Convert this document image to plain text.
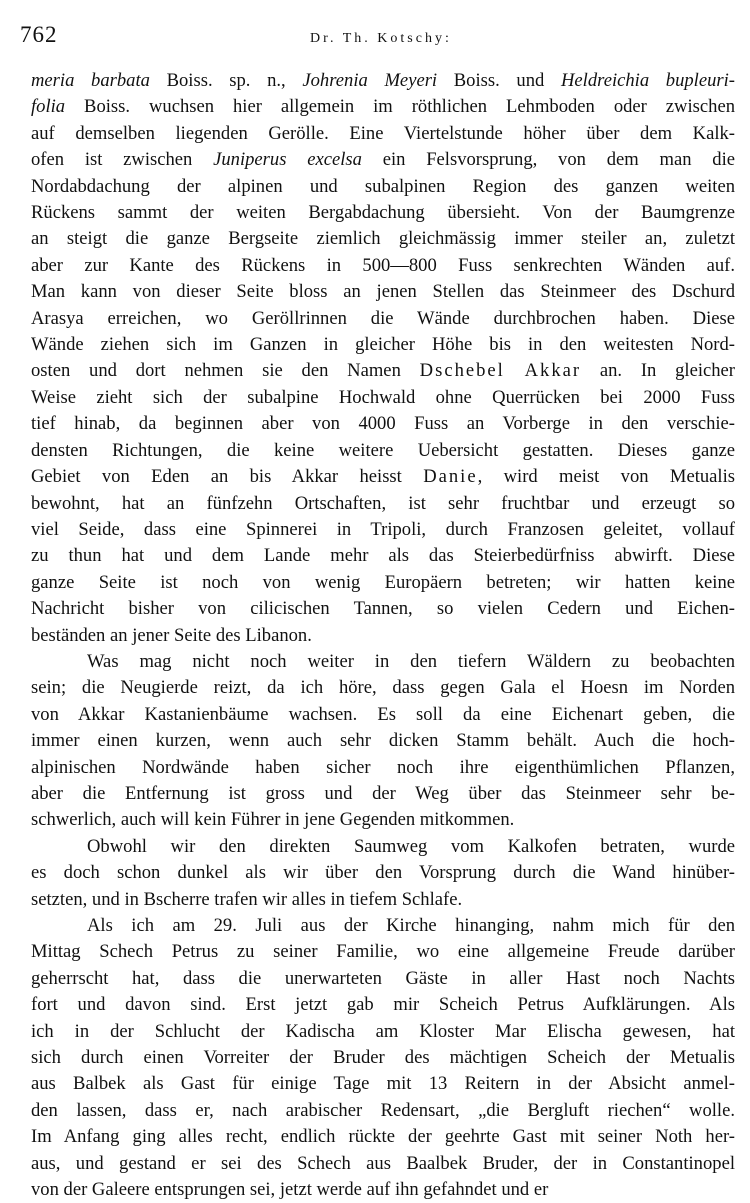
762	Dr. Th. Kotschy:
meria barbata Boiss. sp. n., Johrenia Meyeri Boiss. und Heldreichia bupleuri-
folia Boiss. wuchsen hier allgemein im röthlichen Lehmboden oder zwischen
auf demselben liegenden Gerölle. Eine Viertelstunde höher über dem Kalk-
ofen ist zwischen Juniperus excelsa ein Felsvorsprung, von dem man die
Nordabdachung der alpinen und subalpinen Region des ganzen weiten
Rückens sammt der weiten Bergabdachung übersieht. Von der Baumgrenze
an steigt die ganze Bergseite ziemlich gleichmässig immer steiler an, zuletzt
aber zur Kante des Rückens in 500—800 Fuss senkrechten Wänden auf.
Man kann von dieser Seite bloss an jenen Stellen das Steinmeer des Dschurd
Arasya erreichen, wo Geröllrinnen die Wände durchbrochen haben. Diese
Wände ziehen sich im Ganzen in gleicher Höhe bis in den weitesten Nord-
osten und dort nehmen sie den Namen Dschebel Akkar an. In gleicher
Weise zieht sich der subalpine Hochwald ohne Querrücken bei 2000 Fuss
tief hinab, da beginnen aber von 4000 Fuss an Vorberge in den verschie-
densten Richtungen, die keine weitere Uebersicht gestatten. Dieses ganze
Gebiet von Eden an bis Akkar heisst Danie, wird meist von Metualis
bewohnt, hat an fünfzehn Ortschaften, ist sehr fruchtbar und erzeugt so
viel Seide, dass eine Spinnerei in Tripoli, durch Franzosen geleitet, vollauf
zu thun hat und dem Lande mehr als das Steierbedürfniss abwirft. Diese
ganze Seite ist noch von wenig Europäern betreten; wir hatten keine
Nachricht bisher von cilicischen Tannen, so vielen Cedern und Eichen-
beständen an jener Seite des Libanon.
Was mag nicht noch weiter in den tiefern Wäldern zu beobachten
sein; die Neugierde reizt, da ich höre, dass gegen Gala el Hoesn im Norden
von Akkar Kastanienbäume wachsen. Es soll da eine Eichenart geben, die
immer einen kurzen, wenn auch sehr dicken Stamm behält. Auch die hoch-
alpinischen Nordwände haben sicher noch ihre eigenthümlichen Pflanzen,
aber die Entfernung ist gross und der Weg über das Steinmeer sehr be-
schwerlich, auch will kein Führer in jene Gegenden mitkommen.
Obwohl wir den direkten Saumweg vom Kalkofen betraten, wurde
es doch schon dunkel als wir über den Vorsprung durch die Wand hinüber-
setzten, und in Bscherre trafen wir alles in tiefem Schlafe.
Als ich am 29. Juli aus der Kirche hinanging, nahm mich für den
Mittag Schech Petrus zu seiner Familie, wo eine allgemeine Freude darüber
geherrscht hat, dass die unerwarteten Gäste in aller Hast noch Nachts
fort und davon sind. Erst jetzt gab mir Scheich Petrus Aufklärungen. Als
ich in der Schlucht der Kadischa am Kloster Mar Elischa gewesen, hat
sich durch einen Vorreiter der Bruder des mächtigen Scheich der Metualis
aus Balbek als Gast für einige Tage mit 13 Reitern in der Absicht anmel-
den lassen, dass er, nach arabischer Redensart, „die Bergluft riechen“ wolle.
Im Anfang ging alles recht, endlich rückte der geehrte Gast mit seiner Noth her-
aus, und gestand er sei des Schech aus Baalbek Bruder, der in Constantinopel
von der Galeere entsprungen sei, jetzt werde auf ihn gefahndet und er
